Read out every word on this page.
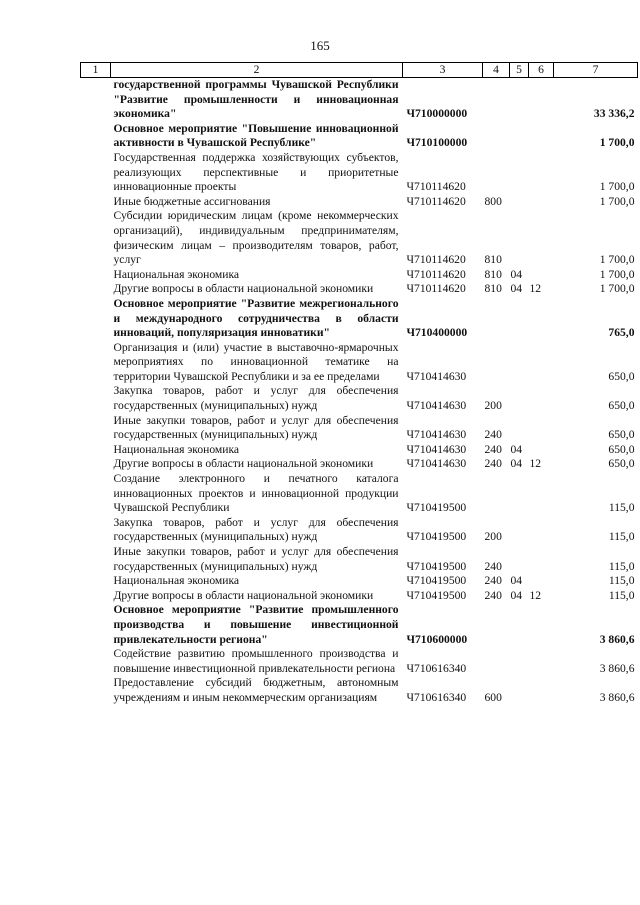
165
1	2	3	4	5	6	7
	государственной программы Чувашской Республики "Развитие промышленности и инновационная экономика"	Ч710000000				33 336,2
	Основное мероприятие "Повышение инновационной активности в Чувашской Республике"	Ч710100000				1 700,0
	Государственная поддержка хозяйствующих субъектов, реализующих перспективные и приоритетные инновационные проекты	Ч710114620				1 700,0
	Иные бюджетные ассигнования	Ч710114620	800			1 700,0
	Субсидии юридическим лицам (кроме некоммерческих организаций), индивидуальным предпринимателям, физическим лицам – производителям товаров, работ, услуг	Ч710114620	810			1 700,0
	Национальная экономика	Ч710114620	810	04		1 700,0
	Другие вопросы в области национальной экономики	Ч710114620	810	04	12	1 700,0
	Основное мероприятие "Развитие межрегионального и международного сотрудничества в области инноваций, популяризация инноватики"	Ч710400000				765,0
	Организация и (или) участие в выставочно-ярмарочных мероприятиях по инновационной тематике на территории Чувашской Республики и за ее пределами	Ч710414630				650,0
	Закупка товаров, работ и услуг для обеспечения государственных (муниципальных) нужд	Ч710414630	200			650,0
	Иные закупки товаров, работ и услуг для обеспечения государственных (муниципальных) нужд	Ч710414630	240			650,0
	Национальная экономика	Ч710414630	240	04		650,0
	Другие вопросы в области национальной экономики	Ч710414630	240	04	12	650,0
	Создание электронного и печатного каталога инновационных проектов и инновационной продукции Чувашской Республики	Ч710419500				115,0
	Закупка товаров, работ и услуг для обеспечения государственных (муниципальных) нужд	Ч710419500	200			115,0
	Иные закупки товаров, работ и услуг для обеспечения государственных (муниципальных) нужд	Ч710419500	240			115,0
	Национальная экономика	Ч710419500	240	04		115,0
	Другие вопросы в области национальной экономики	Ч710419500	240	04	12	115,0
	Основное мероприятие "Развитие промышленного производства и повышение инвестиционной привлекательности региона"	Ч710600000				3 860,6
	Содействие развитию промышленного производства и повышение инвестиционной привлекательности региона	Ч710616340				3 860,6
	Предоставление субсидий бюджетным, автономным учреждениям и иным некоммерческим организациям	Ч710616340	600			3 860,6
